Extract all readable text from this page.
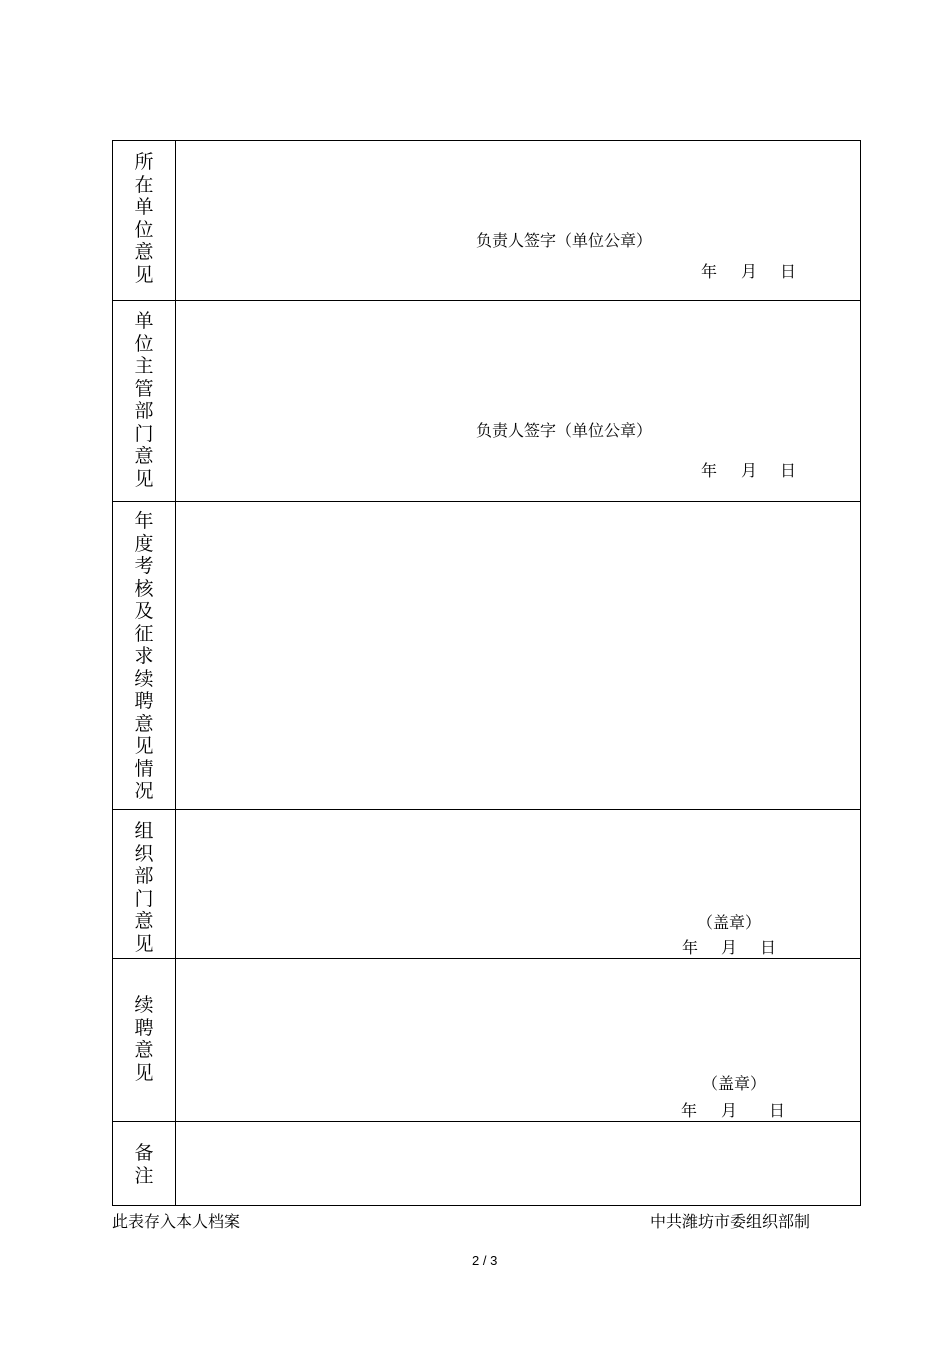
所在单位意见
负责人签字（单位公章）
年 月 日
单位主管部门意见
负责人签字（单位公章）
年 月 日
年度考核及征求续聘意见情况
组织部门意见
（盖章）
年 月 日
续聘意见	（盖章）
年 月 日
备注
此表存入本人档案	中共潍坊市委组织部制
2 / 3
